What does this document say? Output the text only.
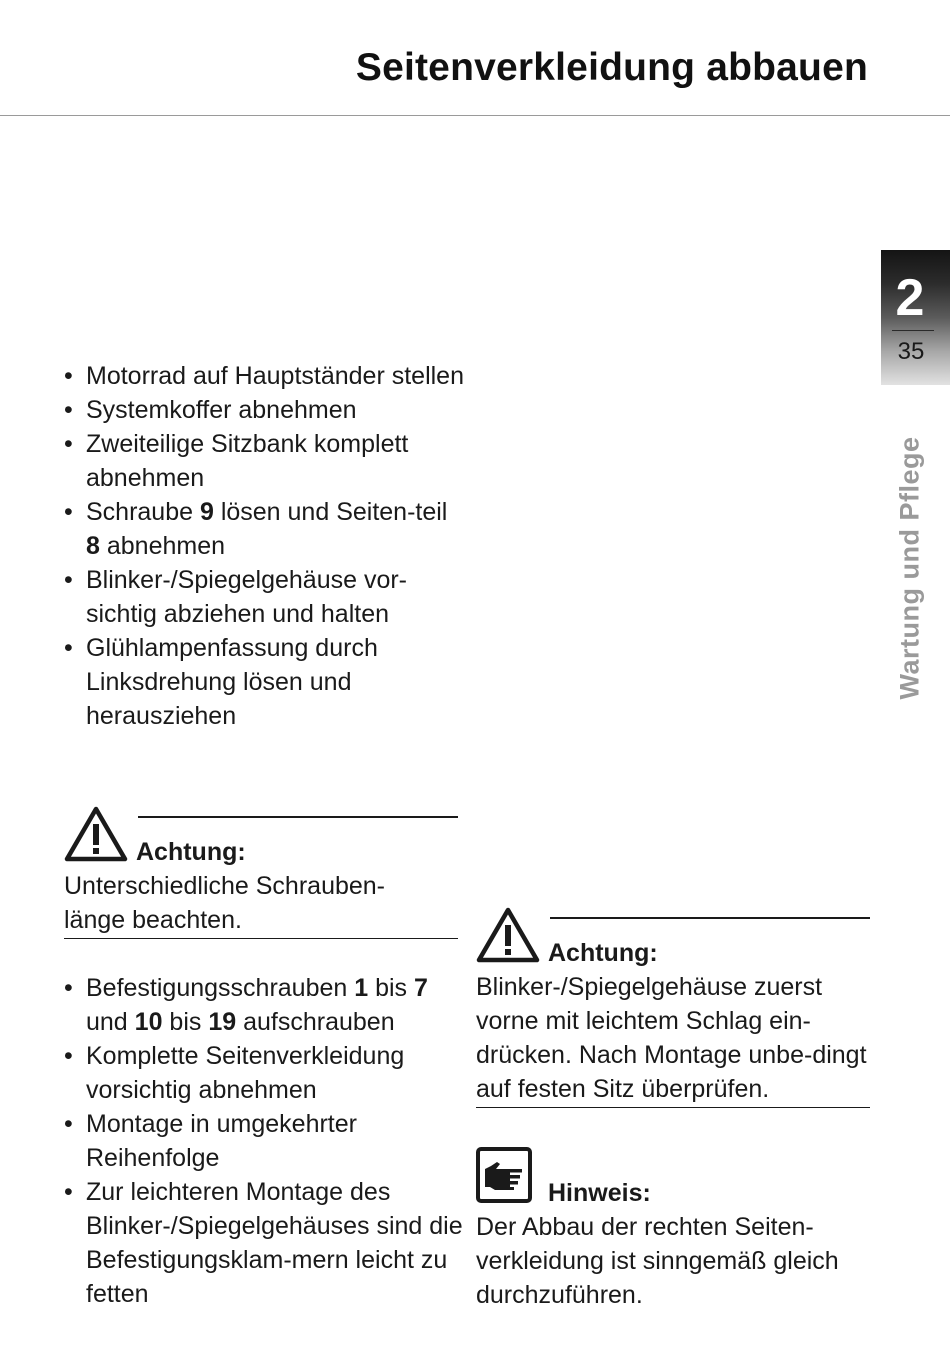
Seitenverkleidung abbauen
2
35
Wartung und Pflege
• Motorrad auf Hauptständer stellen
• Systemkoffer abnehmen
• Zweiteilige Sitzbank komplett abnehmen
• Schraube 9 lösen und Seiten-teil 8 abnehmen
• Blinker-/Spiegelgehäuse vor-sichtig abziehen und halten
• Glühlampenfassung durch Linksdrehung lösen und herausziehen
Achtung:
Unterschiedliche Schrauben-länge beachten.
• Befestigungsschrauben 1 bis 7 und 10 bis 19 aufschrauben
• Komplette Seitenverkleidung vorsichtig abnehmen
• Montage in umgekehrter Reihenfolge
• Zur leichteren Montage des Blinker-/Spiegelgehäuses sind die Befestigungsklam-mern leicht zu fetten
Achtung:
Blinker-/Spiegelgehäuse zuerst vorne mit leichtem Schlag ein-drücken. Nach Montage unbe-dingt auf festen Sitz überprüfen.
Hinweis:
Der Abbau der rechten Seiten-verkleidung ist sinngemäß gleich durchzuführen.
